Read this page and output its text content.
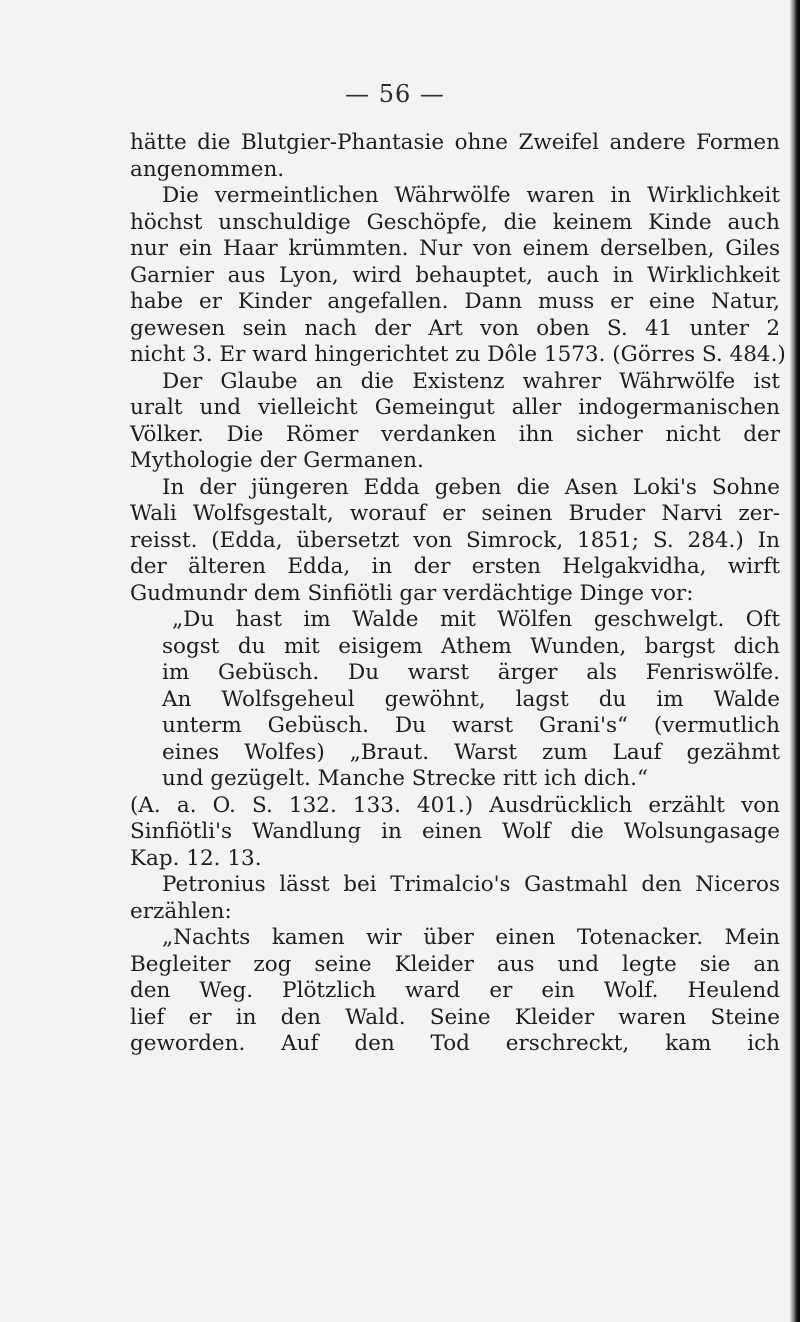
— 56 —
hätte die Blutgier-Phantasie ohne Zweifel andere Formen
angenommen.
Die vermeintlichen Währwölfe waren in Wirklichkeit
höchst unschuldige Geschöpfe, die keinem Kinde auch
nur ein Haar krümmten. Nur von einem derselben, Giles
Garnier aus Lyon, wird behauptet, auch in Wirklichkeit
habe er Kinder angefallen. Dann muss er eine Natur,
gewesen sein nach der Art von oben S. 41 unter 2
nicht 3. Er ward hingerichtet zu Dôle 1573. (Görres S. 484.)
Der Glaube an die Existenz wahrer Währwölfe ist
uralt und vielleicht Gemeingut aller indogermanischen
Völker. Die Römer verdanken ihn sicher nicht der
Mythologie der Germanen.
In der jüngeren Edda geben die Asen Loki's Sohne
Wali Wolfsgestalt, worauf er seinen Bruder Narvi zer-
reisst. (Edda, übersetzt von Simrock, 1851; S. 284.) In
der älteren Edda, in der ersten Helgakvidha, wirft
Gudmundr dem Sinfiötli gar verdächtige Dinge vor:
„Du hast im Walde mit Wölfen geschwelgt. Oft
sogst du mit eisigem Athem Wunden, bargst dich
im Gebüsch. Du warst ärger als Fenriswölfe.
An Wolfsgeheul gewöhnt, lagst du im Walde
unterm Gebüsch. Du warst Grani's“ (vermutlich
eines Wolfes) „Braut. Warst zum Lauf gezähmt
und gezügelt. Manche Strecke ritt ich dich.“
(A. a. O. S. 132. 133. 401.) Ausdrücklich erzählt von
Sinfiötli's Wandlung in einen Wolf die Wolsungasage
Kap. 12. 13.
Petronius lässt bei Trimalcio's Gastmahl den Niceros
erzählen:
„Nachts kamen wir über einen Totenacker. Mein
Begleiter zog seine Kleider aus und legte sie an
den Weg. Plötzlich ward er ein Wolf. Heulend
lief er in den Wald. Seine Kleider waren Steine
geworden. Auf den Tod erschreckt, kam ich
